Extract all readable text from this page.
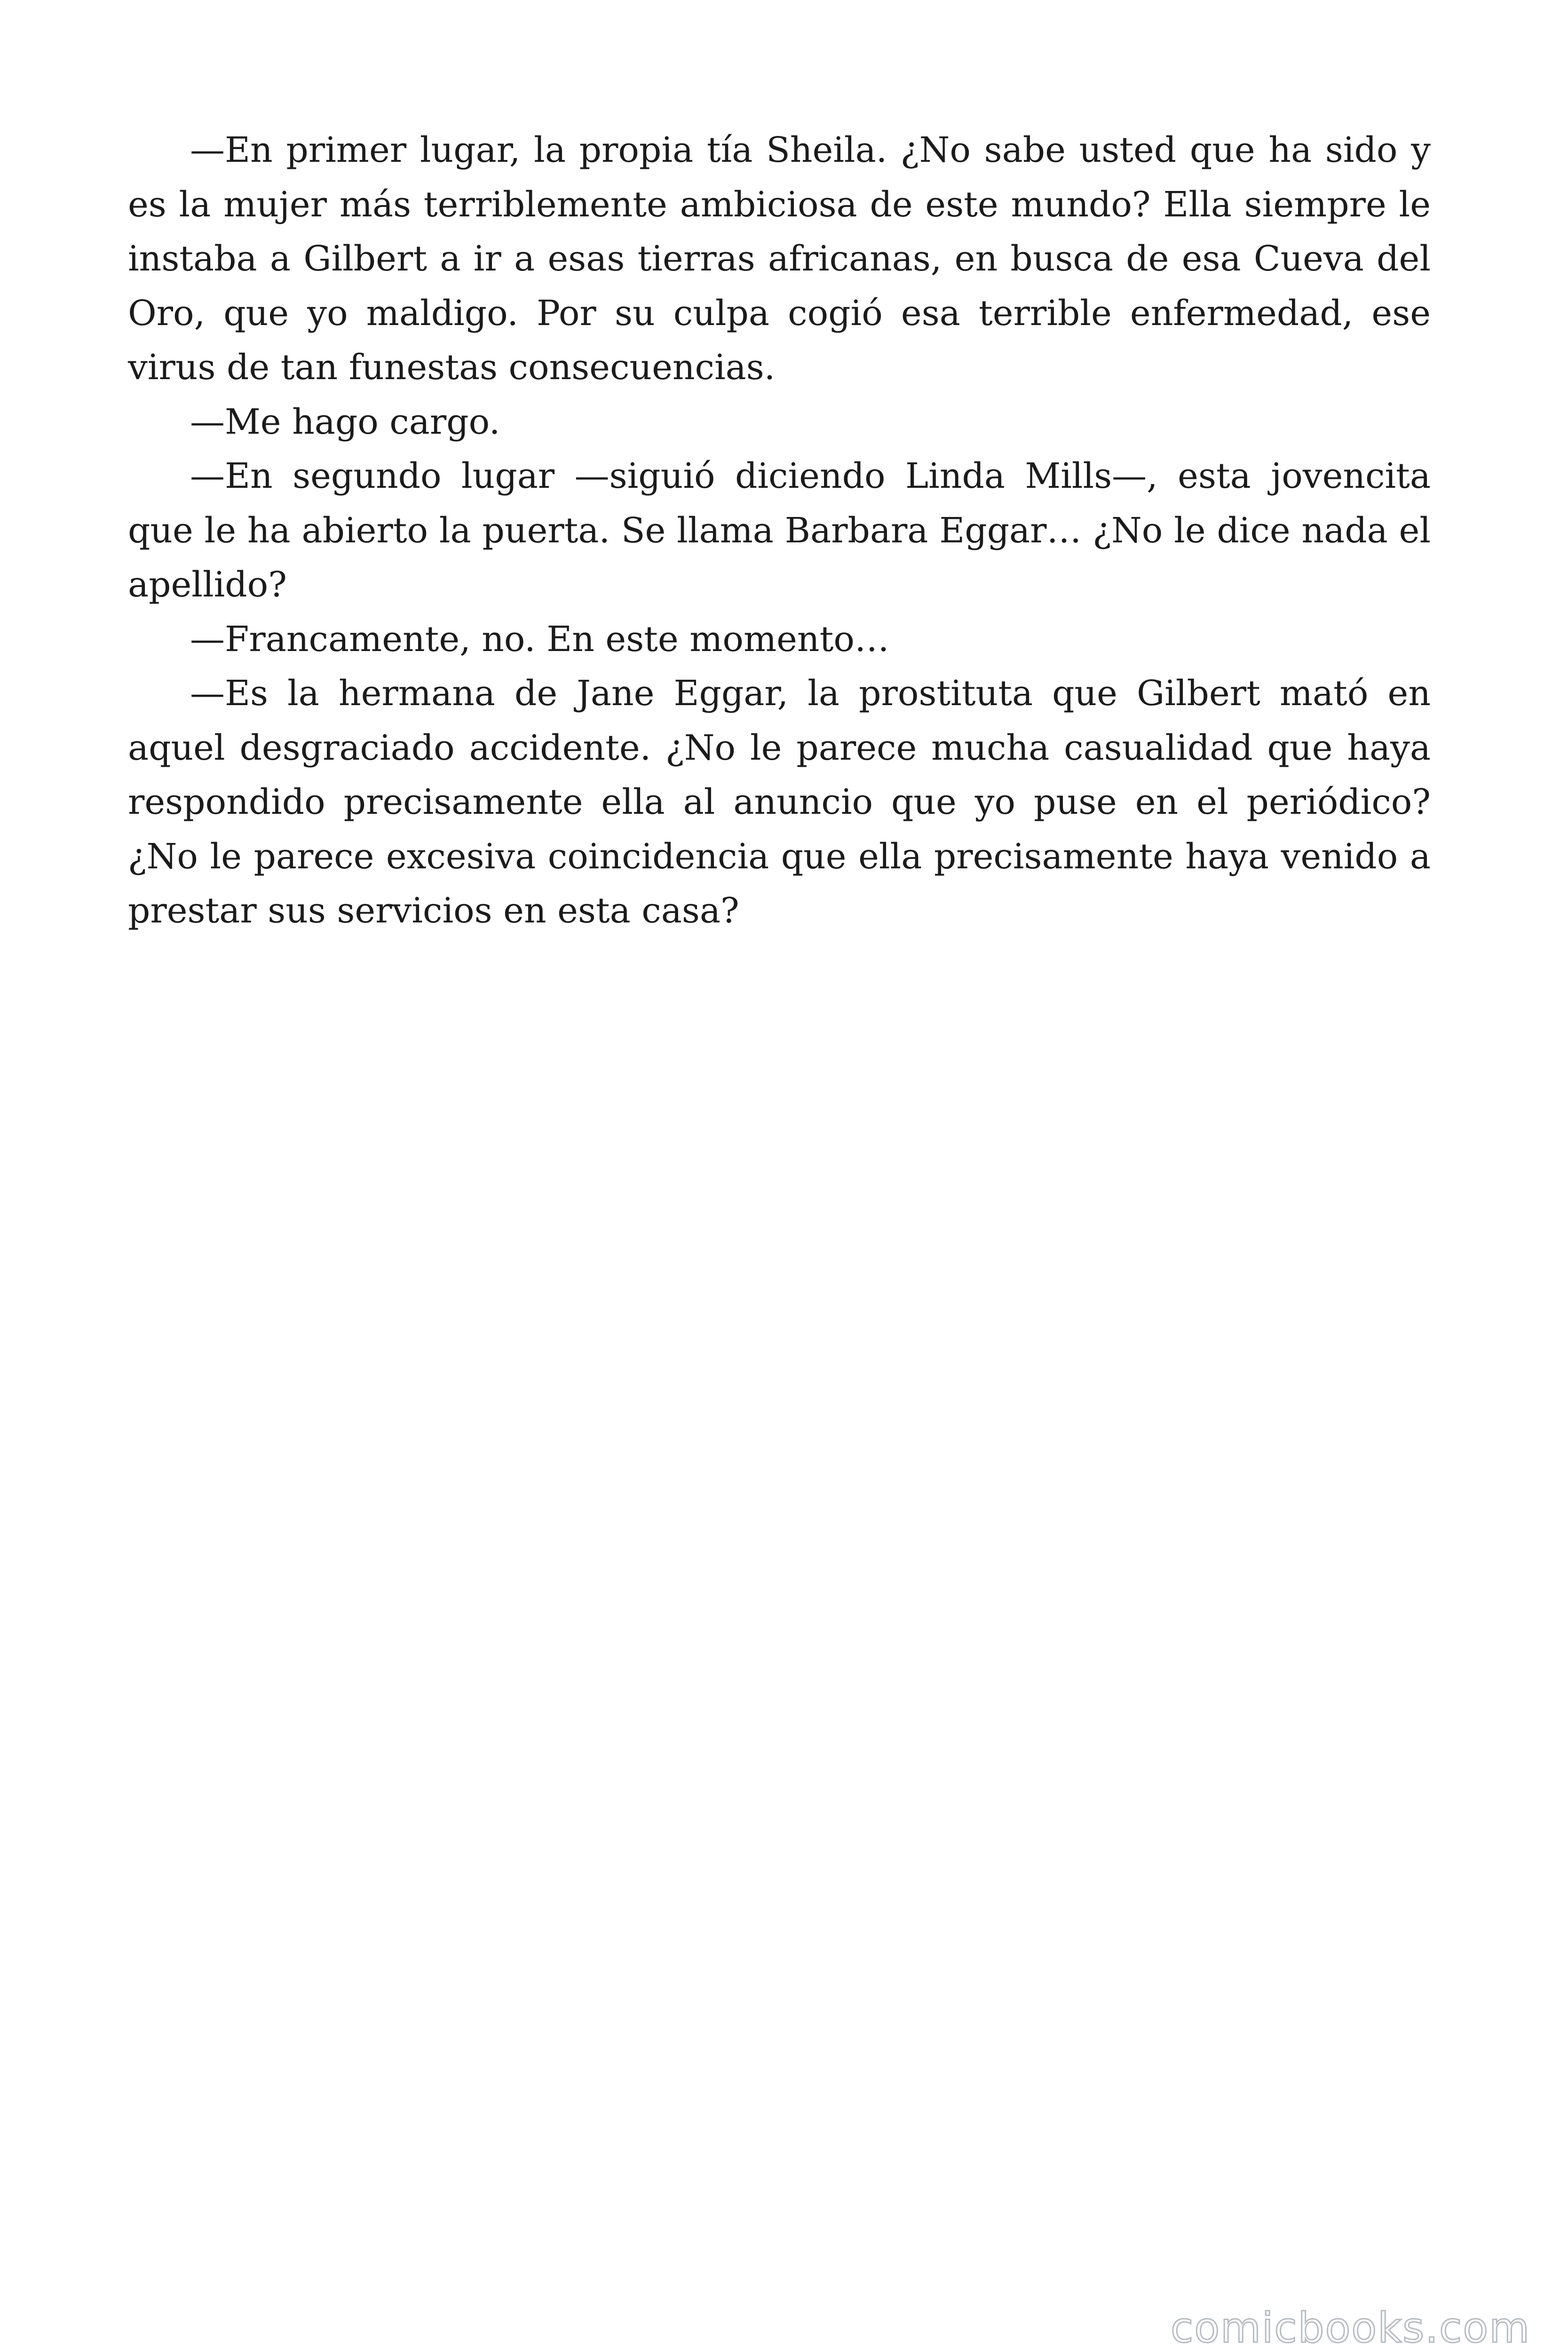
—En primer lugar, la propia tía Sheila. ¿No sabe usted que ha sido y es la mujer más terriblemente ambiciosa de este mundo? Ella siempre le instaba a Gilbert a ir a esas tierras africanas, en busca de esa Cueva del Oro, que yo maldigo. Por su culpa cogió esa terrible enfermedad, ese virus de tan funestas consecuencias.

—Me hago cargo.

—En segundo lugar —siguió diciendo Linda Mills—, esta jovencita que le ha abierto la puerta. Se llama Barbara Eggar… ¿No le dice nada el apellido?

—Francamente, no. En este momento…

—Es la hermana de Jane Eggar, la prostituta que Gilbert mató en aquel desgraciado accidente. ¿No le parece mucha casualidad que haya respondido precisamente ella al anuncio que yo puse en el periódico? ¿No le parece excesiva coincidencia que ella precisamente haya venido a prestar sus servicios en esta casa?

comicbooks.com
